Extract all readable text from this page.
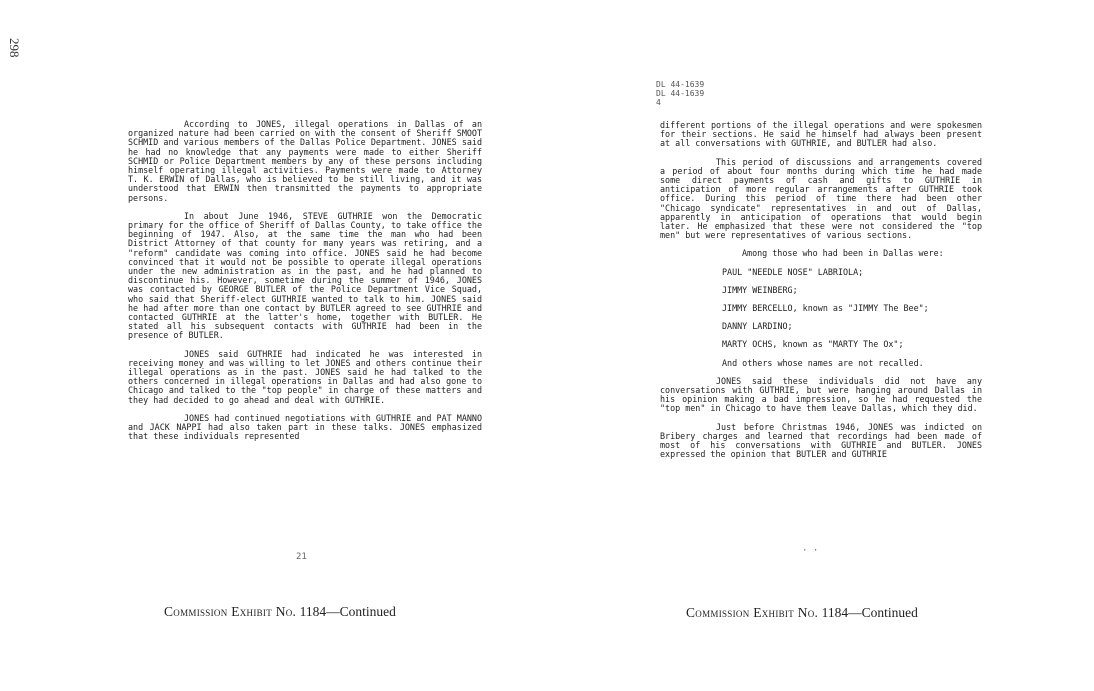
298

According to JONES, illegal operations in Dallas of an organized nature had been carried on with the consent of Sheriff SMOOT SCHMID and various members of the Dallas Police Department. JONES said he had no knowledge that any payments were made to either Sheriff SCHMID or Police Department members by any of these persons including himself operating illegal activities. Payments were made to Attorney T. K. ERWIN of Dallas, who is believed to be still living, and it was understood that ERWIN then transmitted the payments to appropriate persons.

In about June 1946, STEVE GUTHRIE won the Democratic primary for the office of Sheriff of Dallas County, to take office the beginning of 1947. Also, at the same time the man who had been District Attorney of that county for many years was retiring, and a "reform" candidate was coming into office. JONES said he had become convinced that it would not be possible to operate illegal operations under the new administration as in the past, and he had planned to discontinue his. However, sometime during the summer of 1946, JONES was contacted by GEORGE BUTLER of the Police Department Vice Squad, who said that Sheriff-elect GUTHRIE wanted to talk to him. JONES said he had after more than one contact by BUTLER agreed to see GUTHRIE and contacted GUTHRIE at the latter's home, together with BUTLER. He stated all his subsequent contacts with GUTHRIE had been in the presence of BUTLER.

JONES said GUTHRIE had indicated he was interested in receiving money and was willing to let JONES and others continue their illegal operations as in the past. JONES said he had talked to the others concerned in illegal operations in Dallas and had also gone to Chicago and talked to the "top people" in charge of these matters and they had decided to go ahead and deal with GUTHRIE.

JONES had continued negotiations with GUTHRIE and PAT MANNO and JACK NAPPI had also taken part in these talks. JONES emphasized that these individuals represented

21
Commission Exhibit No. 1184—Continued
DL 44-1639
DL 44-1639
4

different portions of the illegal operations and were spokesmen for their sections. He said he himself had always been present at all conversations with GUTHRIE, and BUTLER had also.

This period of discussions and arrangements covered a period of about four months during which time he had made some direct payments of cash and gifts to GUTHRIE in anticipation of more regular arrangements after GUTHRIE took office. During this period of time there had been other "Chicago syndicate" representatives in and out of Dallas, apparently in anticipation of operations that would begin later. He emphasized that these were not considered the "top men" but were representatives of various sections.

Among those who had been in Dallas were:
PAUL "NEEDLE NOSE" LABRIOLA;
JIMMY WEINBERG;
JIMMY BERCELLO, known as "JIMMY The Bee";
DANNY LARDINO;
MARTY OCHS, known as "MARTY The Ox";
And others whose names are not recalled.

JONES said these individuals did not have any conversations with GUTHRIE, but were hanging around Dallas in his opinion making a bad impression, so he had requested the "top men" in Chicago to have them leave Dallas, which they did.

Just before Christmas 1946, JONES was indicted on Bribery charges and learned that recordings had been made of most of his conversations with GUTHRIE and BUTLER. JONES expressed the opinion that BUTLER and GUTHRIE

· ·
Commission Exhibit No. 1184—Continued
